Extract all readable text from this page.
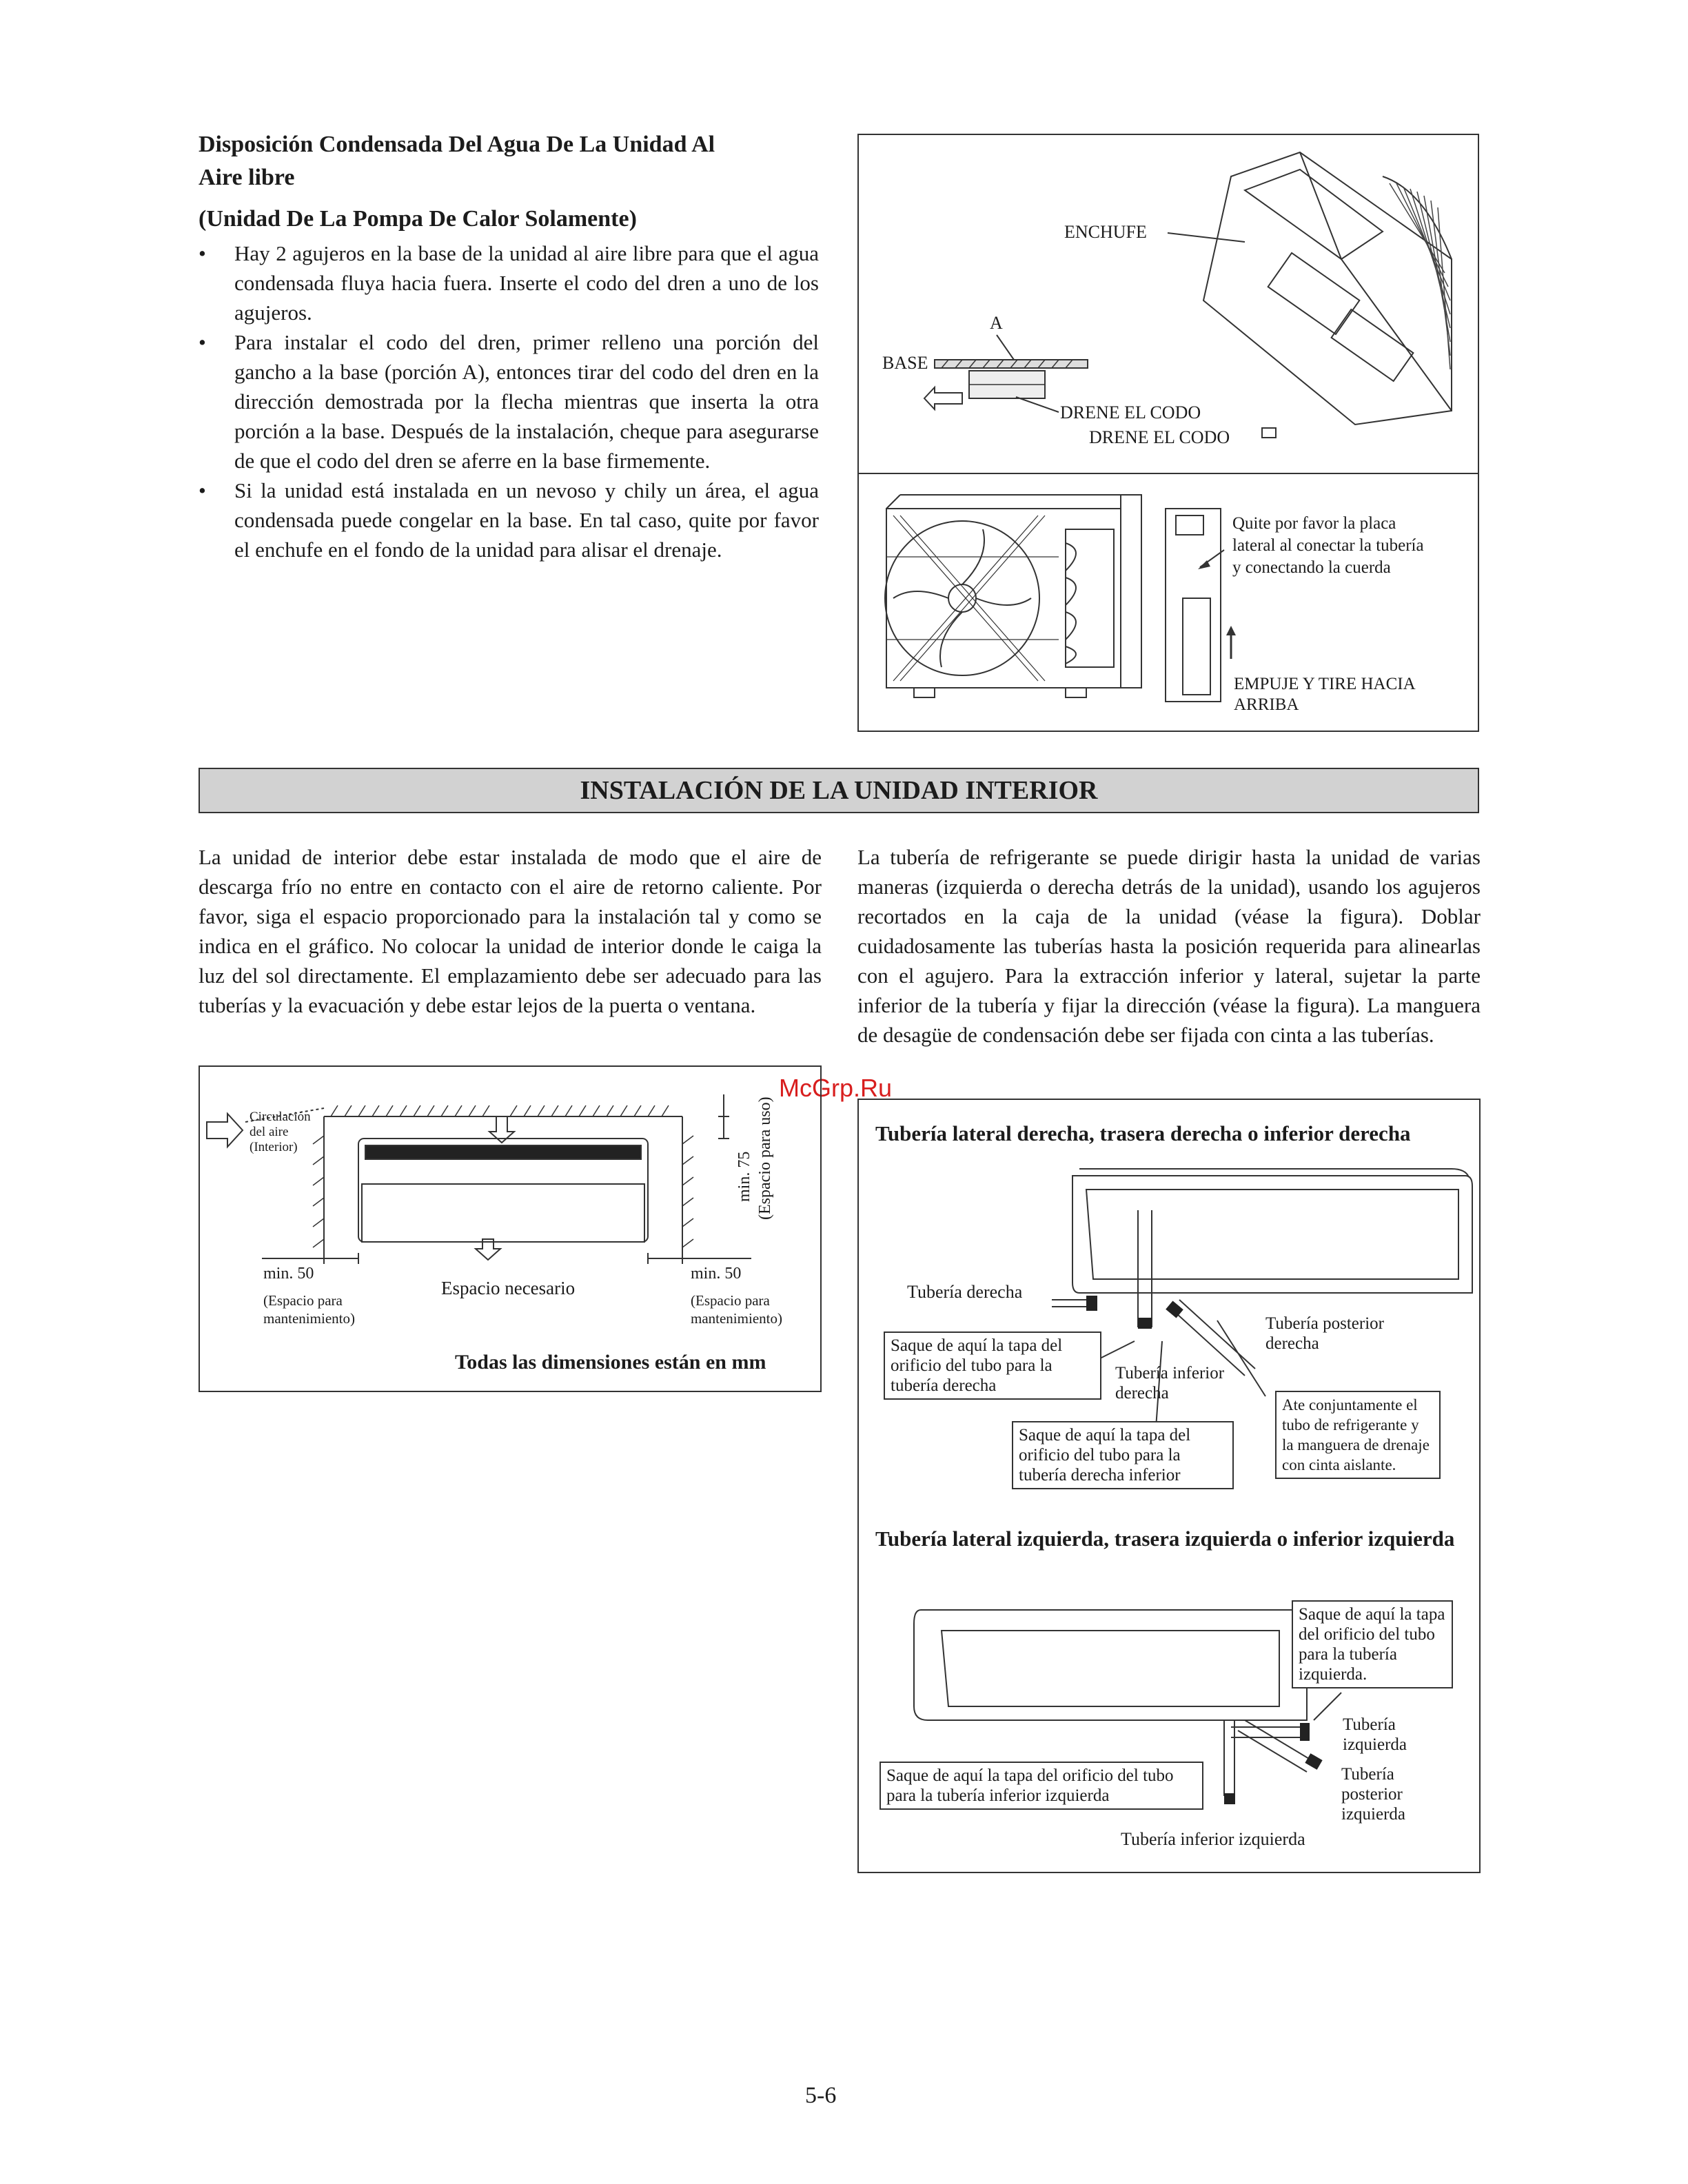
Disposición Condensada Del Agua De La Unidad Al
Aire libre
(Unidad De La Pompa De Calor Solamente)
• Hay 2 agujeros en la base de la unidad al aire libre para que el agua condensada fluya hacia fuera. Inserte el codo del dren a uno de los agujeros.
• Para instalar el codo del dren, primer relleno una porción del gancho a la base (porción A), entonces tirar del codo del dren en la dirección demostrada por la flecha mientras que inserta la otra porción a la base. Después de la instalación, cheque para asegurarse de que el codo del dren se aferre en la base firmemente.
• Si la unidad está instalada en un nevoso y chily un área, el agua condensada puede congelar en la base. En tal caso, quite por favor el enchufe en el fondo de la unidad para alisar el drenaje.
ENCHUFE
A
BASE
DRENE EL CODO
DRENE EL CODO
Quite por favor la placa
lateral al conectar la tubería
y conectando la cuerda
EMPUJE Y TIRE HACIA
ARRIBA
INSTALACIÓN DE LA UNIDAD INTERIOR
La unidad de interior debe estar instalada de modo que el aire de descarga frío no entre en contacto con el aire de retorno caliente. Por favor, siga el espacio proporcionado para la instalación tal y como se indica en el gráfico. No colocar la unidad de interior donde le caiga la luz del sol directamente. El emplazamiento debe ser adecuado para las tuberías y la evacuación y debe estar lejos de la puerta o ventana.
La tubería de refrigerante se puede dirigir hasta la unidad de varias maneras (izquierda o derecha detrás de la unidad), usando los agujeros recortados en la caja de la unidad (véase la figura). Doblar cuidadosamente las tuberías hasta la posición requerida para alinearlas con el agujero. Para la extracción inferior y lateral, sujetar la parte inferior de la tubería y fijar la dirección (véase la figura). La manguera de desagüe de condensación debe ser fijada con cinta a las tuberías.
McGrp.Ru
Circulación
del aire
(Interior)
min. 75 (Espacio para uso)
min. 50
(Espacio para
mantenimiento)
Espacio necesario
min. 50
(Espacio para
mantenimiento)
Todas las dimensiones están en mm
Tubería lateral derecha, trasera derecha o inferior derecha
Tubería derecha
Saque de aquí la tapa del orificio del tubo para la tubería derecha
Tubería inferior
derecha
Tubería posterior
derecha
Saque de aquí la tapa del orificio del tubo para la tubería derecha inferior
Ate conjuntamente el tubo de refrigerante y la manguera de drenaje con cinta aislante.
Tubería lateral izquierda, trasera izquierda o inferior izquierda
Saque de aquí la tapa del orificio del tubo para la tubería izquierda.
Tubería
izquierda
Tubería
posterior
izquierda
Saque de aquí la tapa del orificio del tubo para la tubería inferior izquierda
Tubería inferior izquierda
5-6
